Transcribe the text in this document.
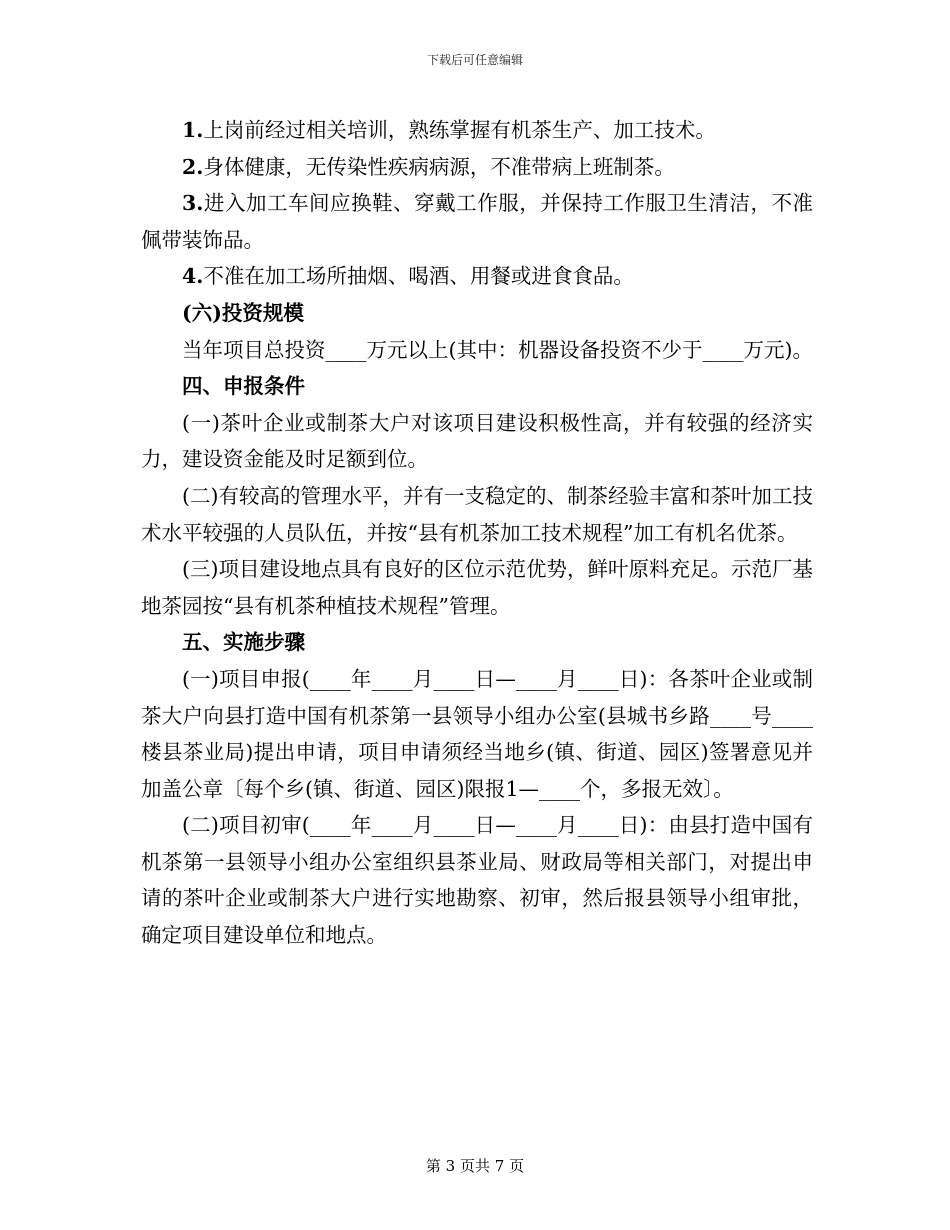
下载后可任意编辑

1.上岗前经过相关培训，熟练掌握有机茶生产、加工技术。

2.身体健康，无传染性疾病病源，不准带病上班制茶。

3.进入加工车间应换鞋、穿戴工作服，并保持工作服卫生清洁，不准佩带装饰品。

4.不准在加工场所抽烟、喝酒、用餐或进食食品。

(六)投资规模

当年项目总投资____万元以上(其中：机器设备投资不少于____万元)。

四、申报条件

(一)茶叶企业或制茶大户对该项目建设积极性高，并有较强的经济实力，建设资金能及时足额到位。

(二)有较高的管理水平，并有一支稳定的、制茶经验丰富和茶叶加工技术水平较强的人员队伍，并按“县有机茶加工技术规程”加工有机名优茶。

(三)项目建设地点具有良好的区位示范优势，鲜叶原料充足。示范厂基地茶园按“县有机茶种植技术规程”管理。

五、实施步骤

(一)项目申报(____年____月____日—____月____日)：各茶叶企业或制茶大户向县打造中国有机茶第一县领导小组办公室(县城书乡路____号____楼县茶业局)提出申请，项目申请须经当地乡(镇、街道、园区)签署意见并加盖公章〔每个乡(镇、街道、园区)限报1—____个，多报无效〕。

(二)项目初审(____年____月____日—____月____日)：由县打造中国有机茶第一县领导小组办公室组织县茶业局、财政局等相关部门，对提出申请的茶叶企业或制茶大户进行实地勘察、初审，然后报县领导小组审批，确定项目建设单位和地点。

第 3 页共 7 页
